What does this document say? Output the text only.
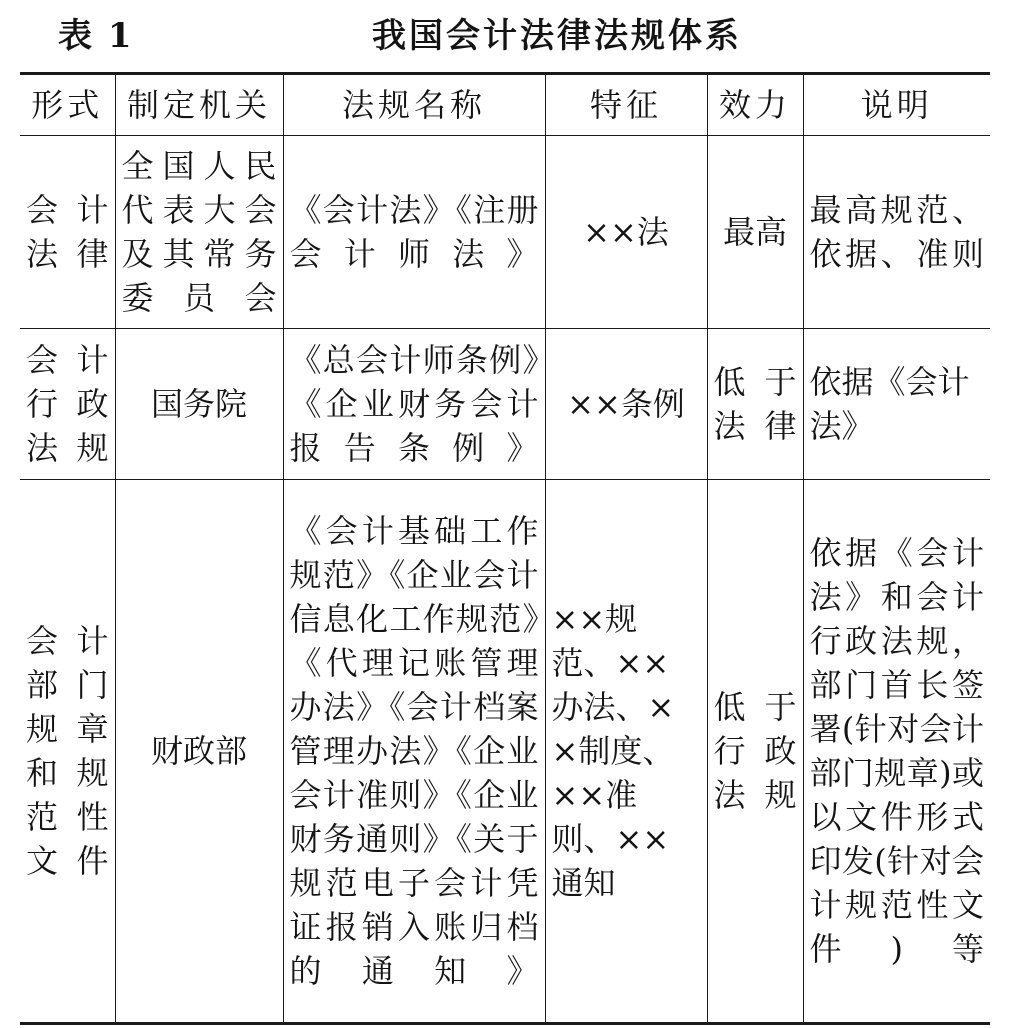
表 1	我国会计法律法规体系
形式	制定机关	法规名称	特征	效力	说明
会计法律	全国人民代表大会及其常务委员会	《会计法》《注册会计师法》	××法	最高	最高规范、依据、准则
会计行政法规	国务院	《总会计师条例》《企业财务会计报告条例》	××条例	低于法律	依据《会计法》
会计部门规章和规范性文件	财政部	《会计基础工作规范》《企业会计信息化工作规范》《代理记账管理办法》《会计档案管理办法》《企业会计准则》《企业财务通则》《关于规范电子会计凭证报销入账归档的通知》	××规范、××办法、××制度、××准则、××通知	低于行政法规	依据《会计法》和会计行政法规，部门首长签署(针对会计部门规章)或以文件形式印发(针对会计规范性文件)等
